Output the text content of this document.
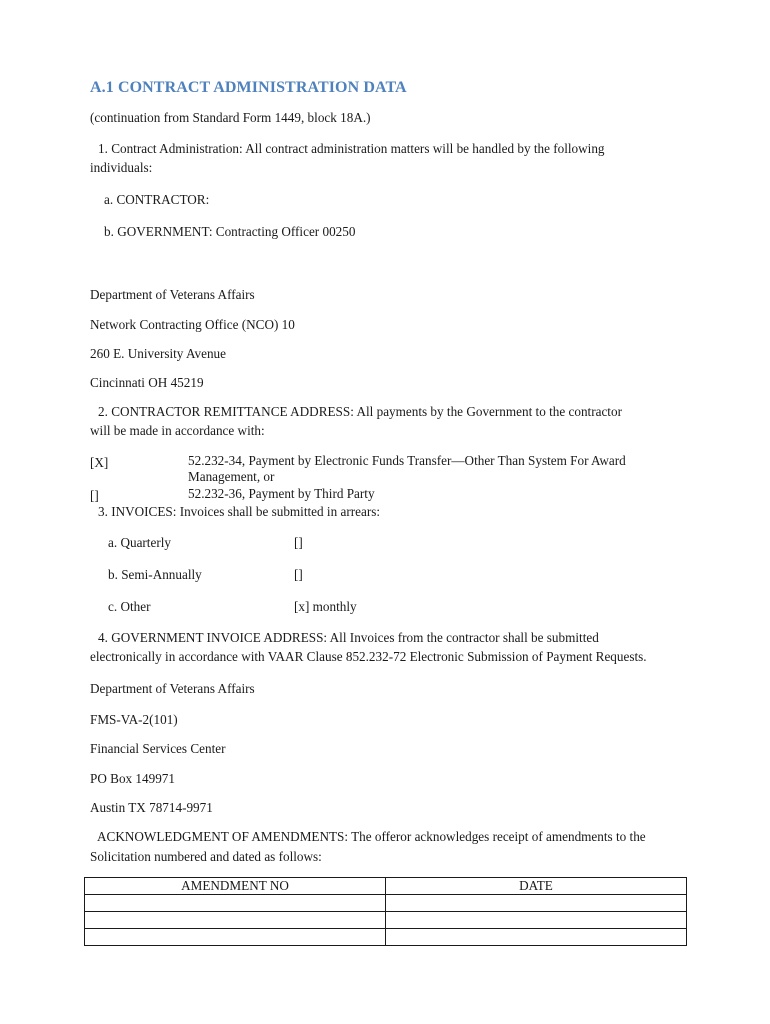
A.1 CONTRACT ADMINISTRATION DATA
(continuation from Standard Form 1449, block 18A.)
1. Contract Administration: All contract administration matters will be handled by the following
individuals:
a. CONTRACTOR:
b. GOVERNMENT: Contracting Officer 00250
Department of Veterans Affairs
Network Contracting Office (NCO) 10
260 E. University Avenue
Cincinnati OH 45219
2. CONTRACTOR REMITTANCE ADDRESS: All payments by the Government to the contractor
will be made in accordance with:
[X]	52.232-34, Payment by Electronic Funds Transfer—Other Than System For Award
Management, or
[]	52.232-36, Payment by Third Party
3. INVOICES: Invoices shall be submitted in arrears:
a. Quarterly	[]
b. Semi-Annually	[]
c. Other	[x] monthly
4. GOVERNMENT INVOICE ADDRESS: All Invoices from the contractor shall be submitted
electronically in accordance with VAAR Clause 852.232-72 Electronic Submission of Payment Requests.
Department of Veterans Affairs
FMS-VA-2(101)
Financial Services Center
PO Box 149971
Austin TX 78714-9971
ACKNOWLEDGMENT OF AMENDMENTS: The offeror acknowledges receipt of amendments to the
Solicitation numbered and dated as follows:
AMENDMENT NO	DATE
